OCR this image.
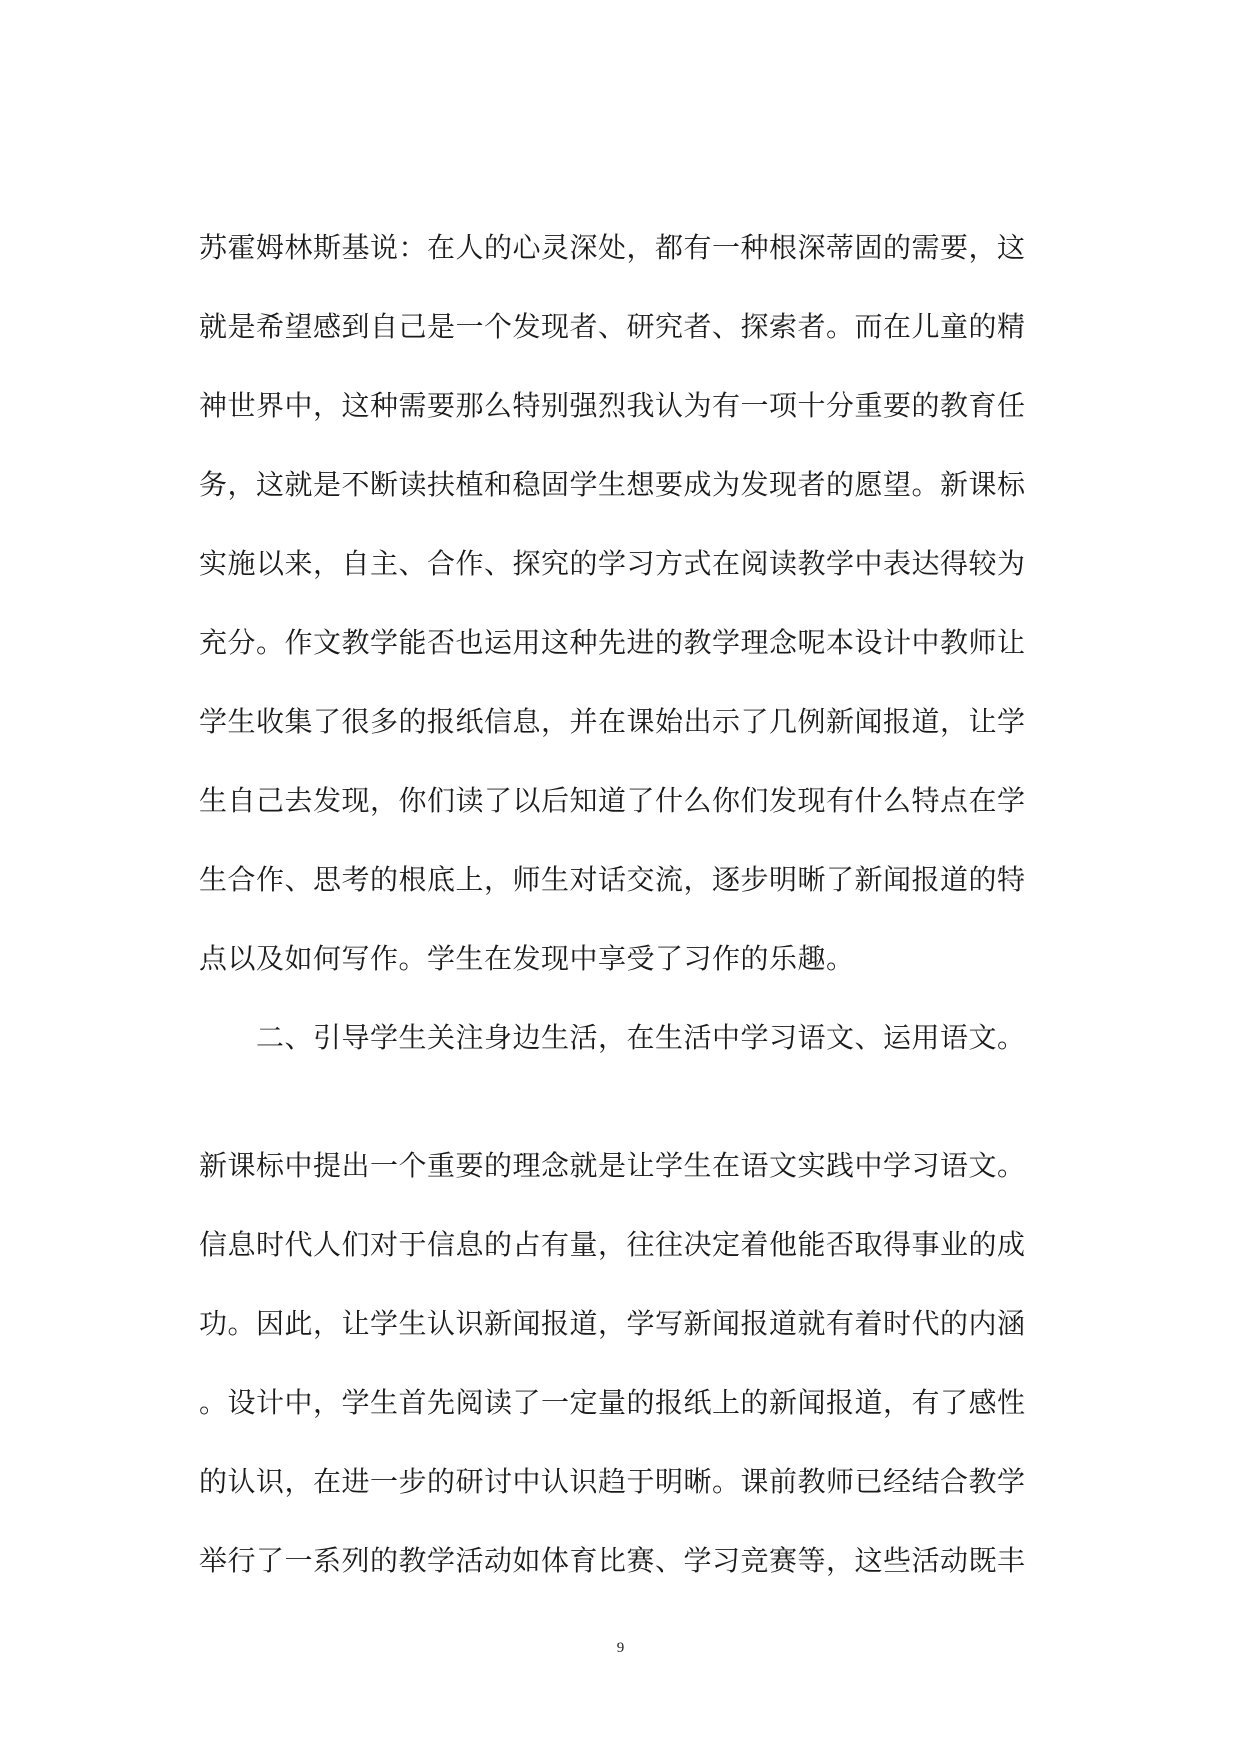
苏霍姆林斯基说：在人的心灵深处，都有一种根深蒂固的需要，这
就是希望感到自己是一个发现者、研究者、探索者。而在儿童的精
神世界中，这种需要那么特别强烈我认为有一项十分重要的教育任
务，这就是不断读扶植和稳固学生想要成为发现者的愿望。新课标
实施以来，自主、合作、探究的学习方式在阅读教学中表达得较为
充分。作文教学能否也运用这种先进的教学理念呢本设计中教师让
学生收集了很多的报纸信息，并在课始出示了几例新闻报道，让学
生自己去发现，你们读了以后知道了什么你们发现有什么特点在学
生合作、思考的根底上，师生对话交流，逐步明晰了新闻报道的特
点以及如何写作。学生在发现中享受了习作的乐趣。
　　二、引导学生关注身边生活，在生活中学习语文、运用语文。
新课标中提出一个重要的理念就是让学生在语文实践中学习语文。
信息时代人们对于信息的占有量，往往决定着他能否取得事业的成
功。因此，让学生认识新闻报道，学写新闻报道就有着时代的内涵
。设计中，学生首先阅读了一定量的报纸上的新闻报道，有了感性
的认识，在进一步的研讨中认识趋于明晰。课前教师已经结合教学
举行了一系列的教学活动如体育比赛、学习竞赛等，这些活动既丰
9
